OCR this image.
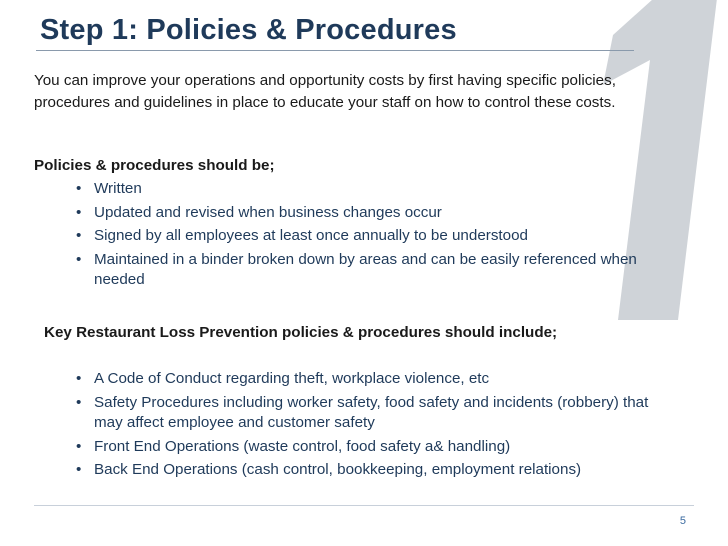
Step 1: Policies & Procedures

You can improve your operations and opportunity costs by first having specific policies, procedures and guidelines in place to educate your staff on how to control these costs.

Policies & procedures should be;

• Written
• Updated and revised when business changes occur
• Signed by all employees at least once annually to be understood
• Maintained in a binder broken down by areas and can be easily referenced when needed

Key Restaurant Loss Prevention policies & procedures should include;

• A Code of Conduct regarding theft, workplace violence, etc
• Safety Procedures including worker safety, food safety and incidents (robbery) that may affect employee and customer safety
• Front End Operations (waste control, food safety a& handling)
• Back End Operations (cash control, bookkeeping, employment relations)
5
